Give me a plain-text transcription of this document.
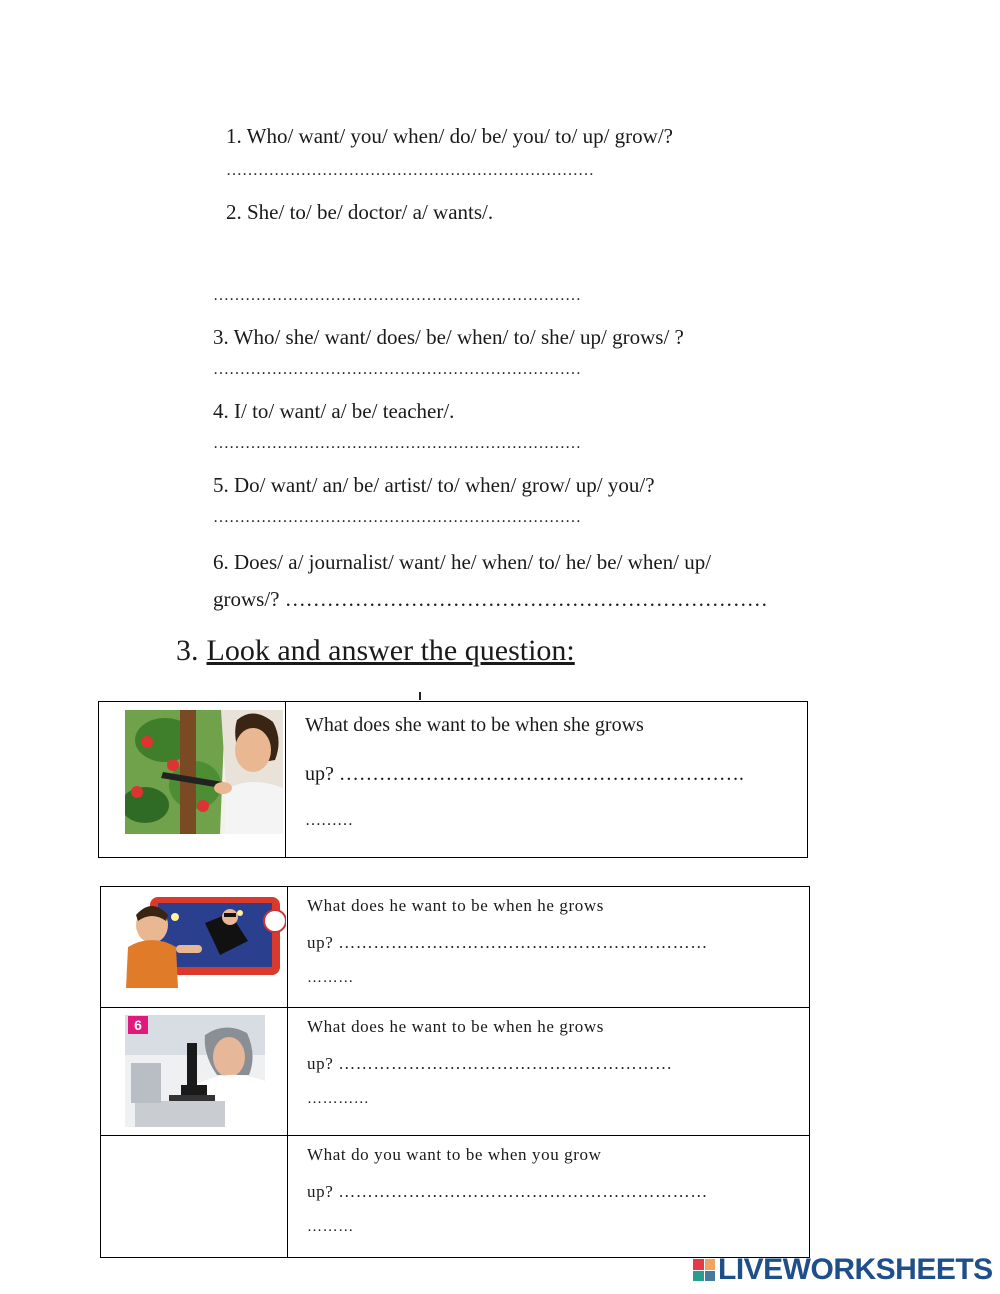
1. Who/ want/ you/ when/ do/ be/ you/ to/ up/ grow/?
……………………………………………………………
2. She/ to/ be/ doctor/ a/ wants/.
……………………………………………………………
3. Who/ she/ want/ does/ be/ when/ to/ she/ up/ grows/ ?
……………………………………………………………
4. I/ to/ want/ a/ be/ teacher/.
……………………………………………………………
5. Do/ want/ an/ be/ artist/ to/ when/ grow/ up/ you/?
……………………………………………………………
6. Does/ a/ journalist/ want/ he/ when/ to/ he/ be/ when/ up/
grows/? ……………………………………………………………
3. Look and answer the question:

What does she want to be when she grows
up? …………………………………………………….
………

What does he want to be when he grows
up? ………………………………………………………
………

6	What does he want to be when he grows
up? …………………………………………………
…………

	What do you want to be when you grow
up? ………………………………………………………
………
LIVEWORKSHEETS
